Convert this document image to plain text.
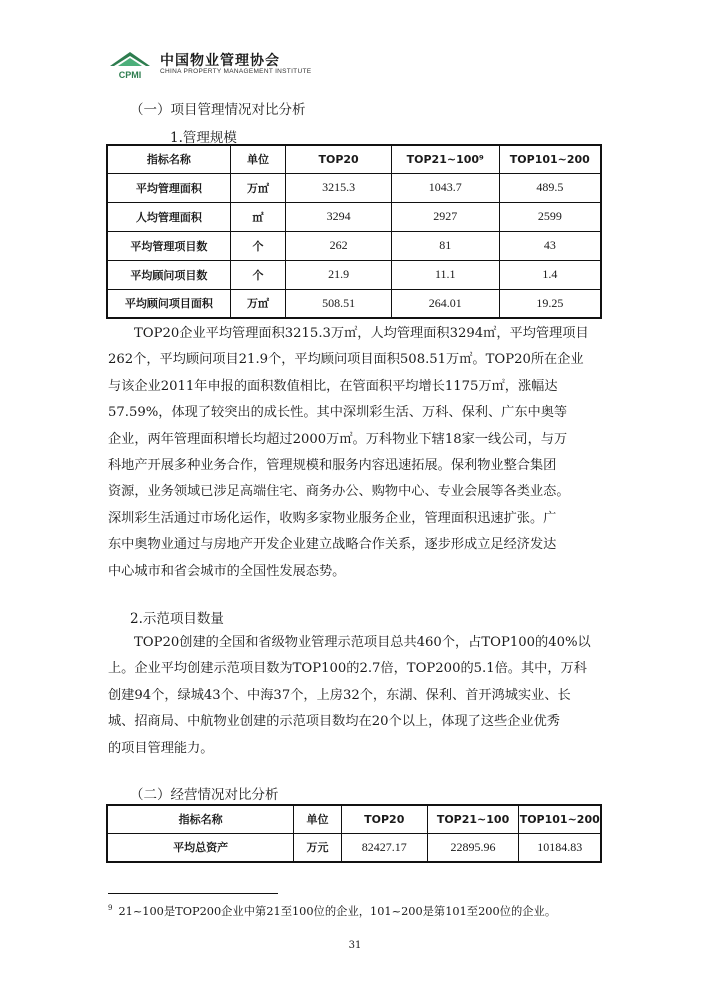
CPMI
中国物业管理协会
CHINA PROPERTY MANAGEMENT INSTITUTE
（一）项目管理情况对比分析
1.管理规模
指标名称	单位	TOP20	TOP21~100⁹	TOP101~200
平均管理面积	万㎡	3215.3	1043.7	489.5
人均管理面积	㎡	3294	2927	2599
平均管理项目数	个	262	81	43
平均顾问项目数	个	21.9	11.1	1.4
平均顾问项目面积	万㎡	508.51	264.01	19.25
TOP20企业平均管理面积3215.3万㎡，人均管理面积3294㎡，平均管理项目
262个，平均顾问项目21.9个，平均顾问项目面积508.51万㎡。TOP20所在企业
与该企业2011年申报的面积数值相比，在管面积平均增长1175万㎡，涨幅达
57.59%，体现了较突出的成长性。其中深圳彩生活、万科、保利、广东中奥等
企业，两年管理面积增长均超过2000万㎡。万科物业下辖18家一线公司，与万
科地产开展多种业务合作，管理规模和服务内容迅速拓展。保利物业整合集团
资源，业务领域已涉足高端住宅、商务办公、购物中心、专业会展等各类业态。
深圳彩生活通过市场化运作，收购多家物业服务企业，管理面积迅速扩张。广
东中奥物业通过与房地产开发企业建立战略合作关系，逐步形成立足经济发达
中心城市和省会城市的全国性发展态势。
2.示范项目数量
TOP20创建的全国和省级物业管理示范项目总共460个，占TOP100的40%以
上。企业平均创建示范项目数为TOP100的2.7倍，TOP200的5.1倍。其中，万科
创建94个，绿城43个、中海37个，上房32个，东湖、保利、首开鸿城实业、长
城、招商局、中航物业创建的示范项目数均在20个以上，体现了这些企业优秀
的项目管理能力。
（二）经营情况对比分析
指标名称	单位	TOP20	TOP21~100	TOP101~200
平均总资产	万元	82427.17	22895.96	10184.83
$^9$ 21~100是TOP200企业中第21至100位的企业，101~200是第101至200位的企业。
31
